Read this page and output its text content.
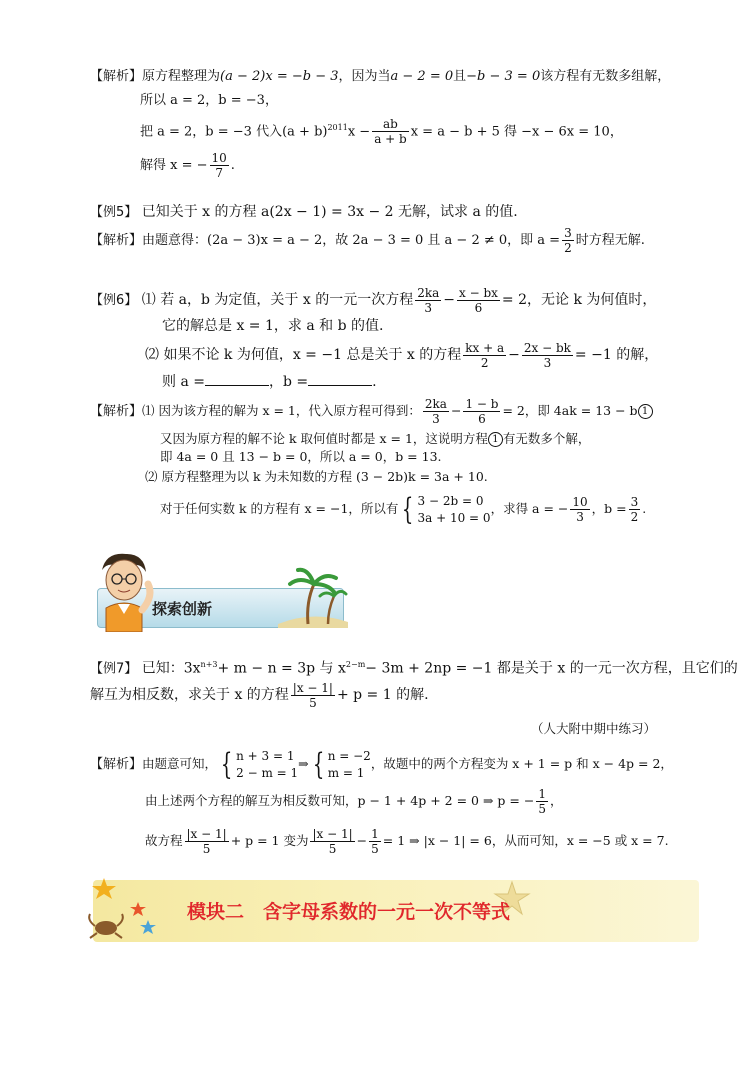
【解析】原方程整理为(a − 2)x = −b − 3，因为当a − 2 = 0且−b − 3 = 0该方程有无数多组解，
所以 a = 2，b = −3，
把 a = 2，b = −3 代入$(a + b)^{2011}x - \frac{ab}{a + b}$ x = a − b + 5 得 −x − 6x = 10，
解得 x = − $\frac{10}{7}$ .
【例5】 已知关于 x 的方程 a(2x − 1) = 3x − 2 无解，试求 a 的值.
【解析】由题意得：(2a − 3)x = a − 2，故 2a − 3 = 0 且 a − 2 ≠ 0，即 $a = \frac{3}{2}$ 时方程无解.
【例6】 ⑴ 若 a，b 为定值，关于 x 的一元一次方程 $\frac{2ka}{3} - \frac{x - bx}{6} = 2$，无论 k 为何值时，
它的解总是 x = 1，求 a 和 b 的值.
⑵ 如果不论 k 为何值，x = −1 总是关于 x 的方程 $\frac{kx + a}{2} - \frac{2x - bk}{3} = -1$ 的解，
则 a =	，b =	.
【解析】⑴ 因为该方程的解为 x = 1，代入原方程可得到： $\frac{2ka}{3} - \frac{1 - b}{6} = 2$，即 4ak = 13 − b 1
又因为原方程的解不论 k 取何值时都是 x = 1，这说明方程 1 有无数多个解，
即 4a = 0 且 13 − b = 0，所以 a = 0，b = 13.
⑵ 原方程整理为以 k 为未知数的方程 (3 − 2b)k = 3a + 10.
对于任何实数 k 的方程有 x = −1，所以有 { 3 − 2b = 0
3a + 10 = 0，求得 a = − $\frac{10}{3}$ ，$b = \frac{3}{2}$ .
探索创新
【例7】 已知：$3x^{n+3}+ m - n = 3p$ 与 $x^{2-m}- 3m + 2np = -1$ 都是关于 x 的一元一次方程，且它们的
解互为相反数，求关于 x 的方程 $\frac{|x - 1|}{5} + p = 1$ 的解.
（人大附中期中练习）
【解析】由题意可知， { n + 3 = 1
2 − m = 1⇒ { n = −2
m = 1，故题中的两个方程变为 x + 1 = p 和 x − 4p = 2，
由上述两个方程的解互为相反数可知，p − 1 + 4p + 2 = 0 ⇒ p = − $\frac{1}{5}$ ，
故方程 $\frac{|x - 1|}{5} + p = 1$ 变为 $\frac{|x - 1|}{5} - \frac{1}{5} = 1$ ⇒ |x − 1| = 6，从而可知，x = −5 或 x = 7.
模块二　含字母系数的一元一次不等式
